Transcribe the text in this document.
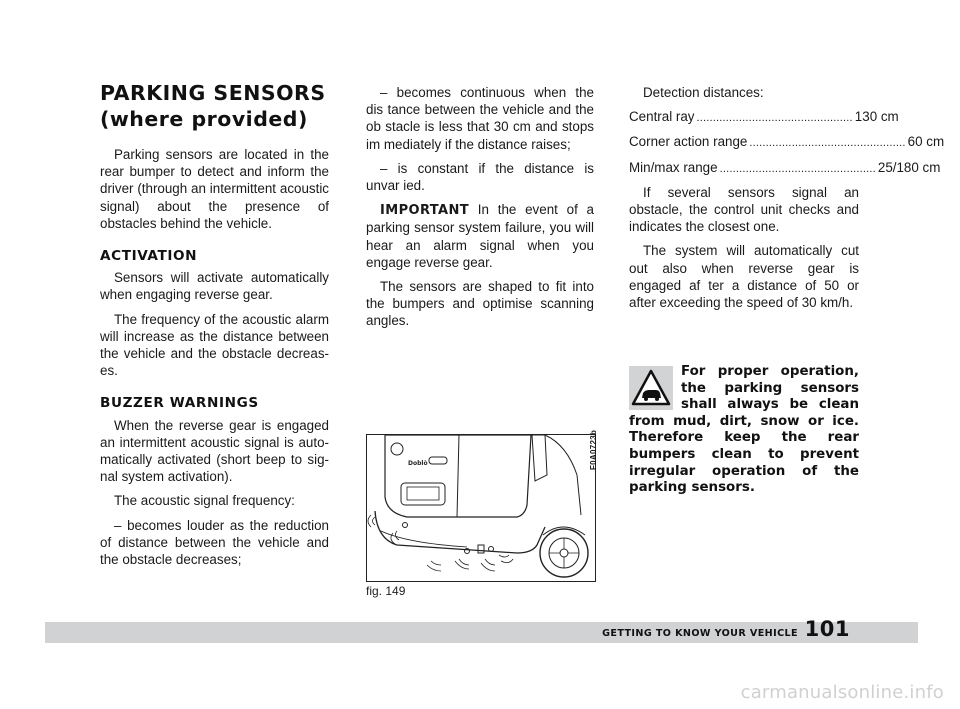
PARKING SENSORS
(where provided)

Parking sensors are located in the rear bumper to detect and inform the driver (through an intermittent acoustic signal) about the presence of obstacles behind the vehicle.

ACTIVATION

Sensors will activate automatically when engaging reverse gear.

The frequency of the acoustic alarm will increase as the distance between the vehicle and the obstacle decreas es.

BUZZER WARNINGS

When the reverse gear is engaged an intermittent acoustic signal is auto matically activated (short beep to sig nal system activation).

The acoustic signal frequency:

– becomes louder as the reduction of distance between the vehicle and the obstacle decreases;

– becomes continuous when the dis tance between the vehicle and the ob stacle is less that 30 cm and stops im mediately if the distance raises;

– is constant if the distance is unvar ied.

IMPORTANT In the event of a parking sensor system failure, you will hear an alarm signal when you engage reverse gear.

The sensors are shaped to fit into the bumpers and optimise scanning angles.

Doblò	F0A0723b
fig. 149

Detection distances:

Central ray ................................................ 130 cm
Corner action range ................................................ 60 cm
Min/max range ................................................ 25/180 cm

If several sensors signal an obstacle, the control unit checks and indicates the closest one.

The system will automatically cut out also when reverse gear is engaged af ter a distance of 50 or after exceeding the speed of 30 km/h.

For proper operation, the parking sensors shall always be clean from mud, dirt, snow or ice. Therefore keep the rear bumpers clean to prevent irregular operation of the parking sensors.
GETTING TO KNOW YOUR VEHICLE 101
carmanualsonline.info
